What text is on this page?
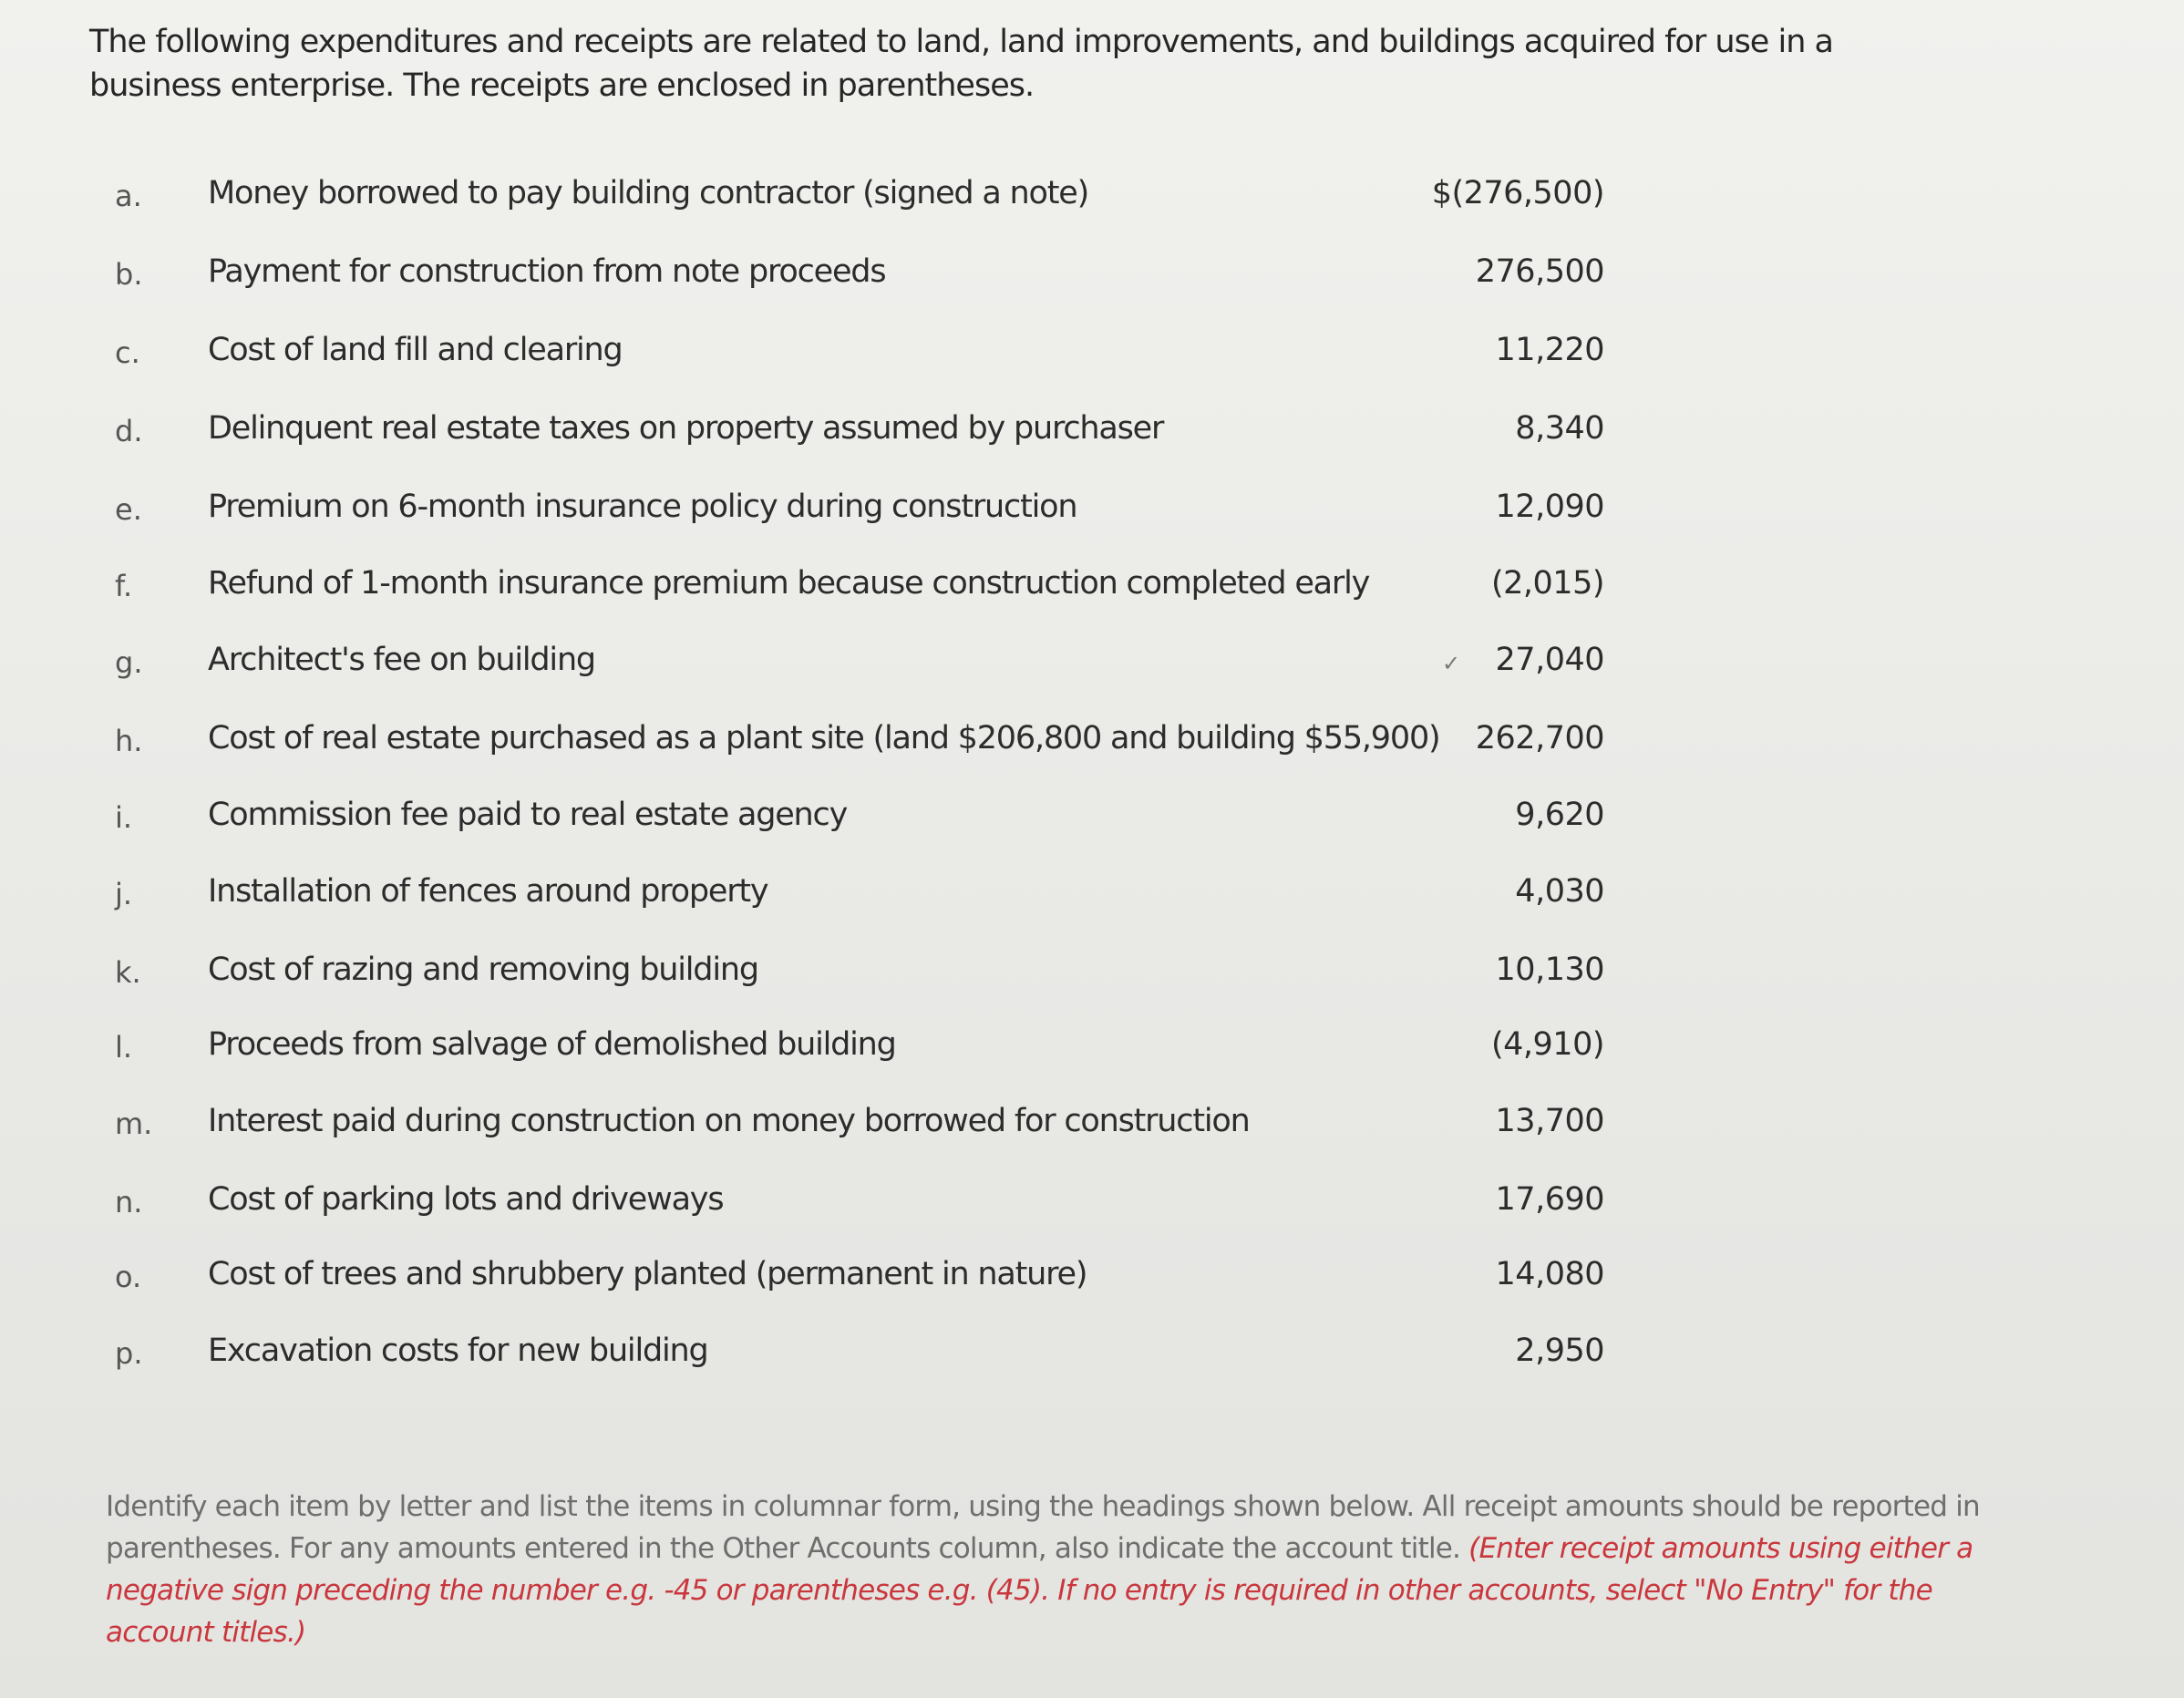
The following expenditures and receipts are related to land, land improvements, and buildings acquired for use in a business enterprise. The receipts are enclosed in parentheses.
a. Money borrowed to pay building contractor (signed a note)	$(276,500)
b. Payment for construction from note proceeds	276,500
c. Cost of land fill and clearing	11,220
d. Delinquent real estate taxes on property assumed by purchaser	8,340
e. Premium on 6-month insurance policy during construction	12,090
f. Refund of 1-month insurance premium because construction completed early	(2,015)
g. Architect's fee on building	27,040
h. Cost of real estate purchased as a plant site (land $206,800 and building $55,900) 262,700
i. Commission fee paid to real estate agency	9,620
j. Installation of fences around property	4,030
k. Cost of razing and removing building	10,130
l. Proceeds from salvage of demolished building	(4,910)
m. Interest paid during construction on money borrowed for construction	13,700
n. Cost of parking lots and driveways	17,690
o. Cost of trees and shrubbery planted (permanent in nature)	14,080
p. Excavation costs for new building	2,950
✓
Identify each item by letter and list the items in columnar form, using the headings shown below. All receipt amounts should be reported in parentheses. For any amounts entered in the Other Accounts column, also indicate the account title. (Enter receipt amounts using either a negative sign preceding the number e.g. -45 or parentheses e.g. (45). If no entry is required in other accounts, select "No Entry" for the account titles.)
